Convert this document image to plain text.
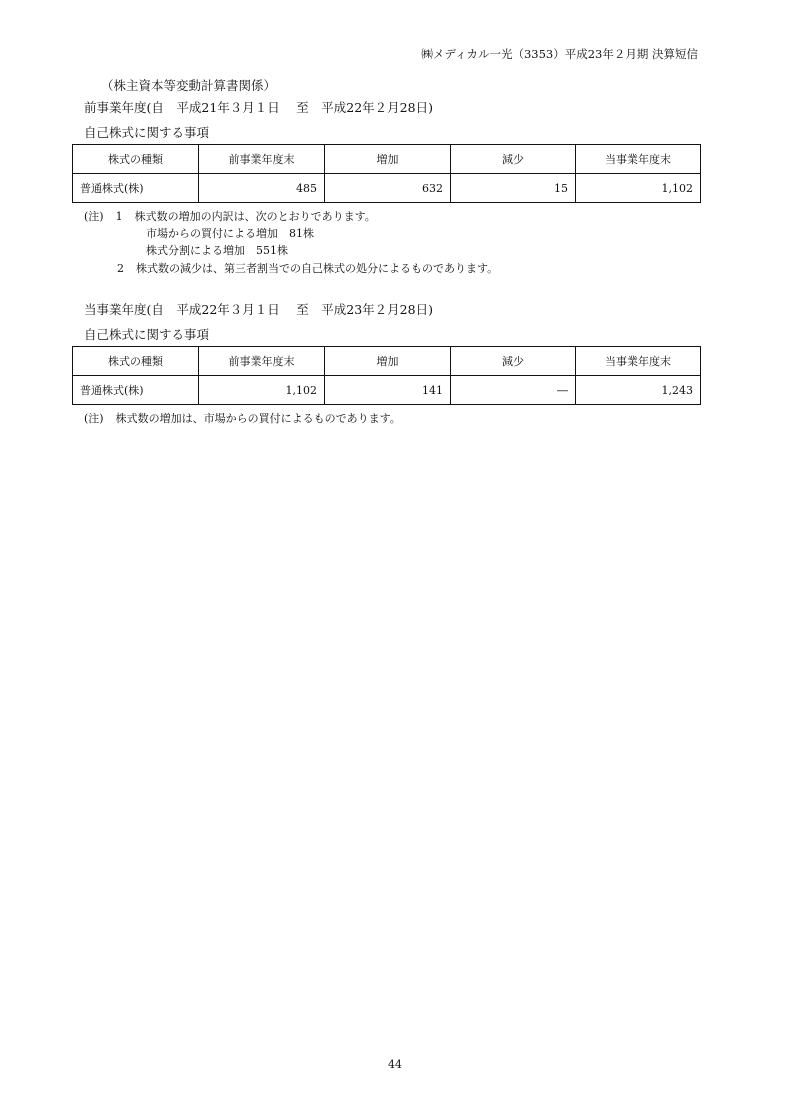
㈱メディカル一光（3353）平成23年２月期 決算短信
（株主資本等変動計算書関係）
前事業年度(自　平成21年３月１日　 至　平成22年２月28日)
自己株式に関する事項
株式の種類	前事業年度末	増加	減少	当事業年度末
普通株式(株)	485	632	15	1,102
(注) 1 株式数の増加の内訳は、次のとおりであります。
市場からの買付による増加　81株
株式分割による増加　551株
2 株式数の減少は、第三者割当での自己株式の処分によるものであります。
当事業年度(自　平成22年３月１日　 至　平成23年２月28日)
自己株式に関する事項
株式の種類	前事業年度末	増加	減少	当事業年度末
普通株式(株)	1,102	141	―	1,243
(注) 株式数の増加は、市場からの買付によるものであります。
44
